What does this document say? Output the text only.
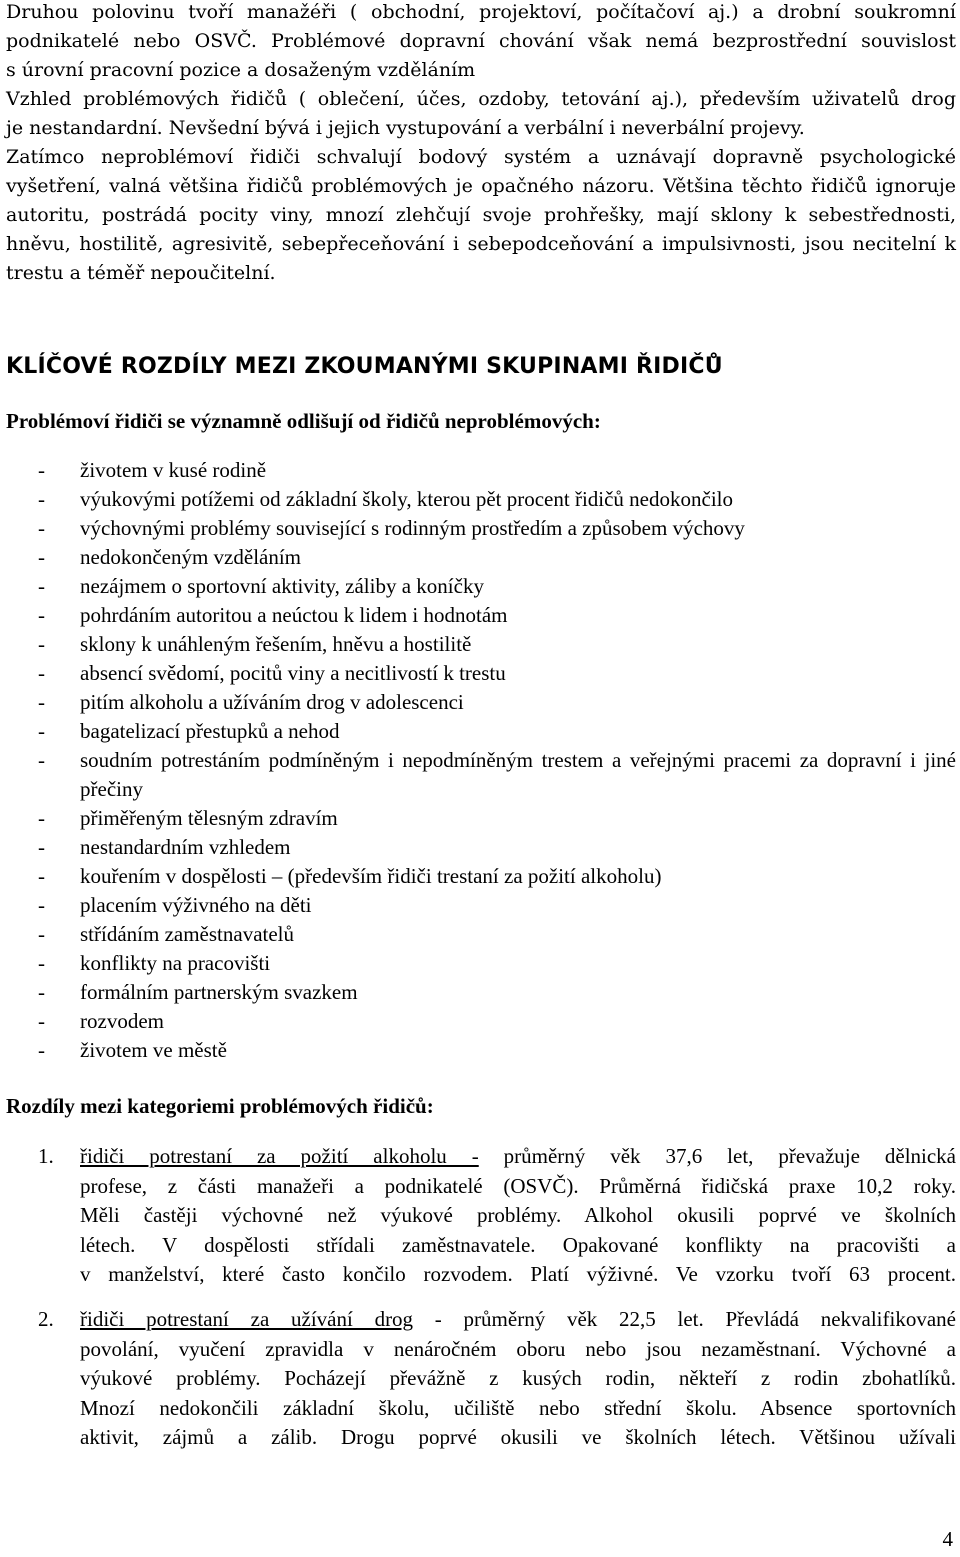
Druhou polovinu tvoří manažéři ( obchodní, projektoví, počítačoví aj.) a drobní soukromní

podnikatelé nebo OSVČ. Problémové dopravní chování však nemá bezprostřední souvislost

s úrovní pracovní pozice a dosaženým vzděláním

Vzhled problémových řidičů ( oblečení, účes, ozdoby, tetování aj.), především uživatelů drog

je nestandardní. Nevšední bývá i jejich vystupování a verbální i neverbální projevy.

Zatímco neproblémoví řidiči schvalují bodový systém a uznávají dopravně psychologické vyšetření, valná většina řidičů problémových je opačného názoru. Většina těchto řidičů ignoruje autoritu, postrádá pocity viny, mnozí zlehčují svoje prohřešky, mají sklony k sebestřednosti, hněvu, hostilitě, agresivitě, sebepřeceňování i sebepodceňování a impulsivnosti, jsou necitelní k trestu a téměř nepoučitelní.

KLÍČOVÉ ROZDÍLY MEZI ZKOUMANÝMI SKUPINAMI ŘIDIČŮ

Problémoví řidiči se významně odlišují od řidičů neproblémových:

- životem v kusé rodině
- výukovými potížemi od základní školy, kterou pět procent řidičů nedokončilo
- výchovnými problémy související s rodinným prostředím a způsobem výchovy
- nedokončeným vzděláním
- nezájmem o sportovní aktivity, záliby a koníčky
- pohrdáním autoritou a neúctou k lidem i hodnotám
- sklony k unáhleným řešením, hněvu a hostilitě
- absencí svědomí, pocitů viny a necitlivostí k trestu
- pitím alkoholu a užíváním drog v adolescenci
- bagatelizací přestupků a nehod
- soudním potrestáním podmíněným i nepodmíněným trestem a veřejnými pracemi za dopravní i jiné přečiny
- přiměřeným tělesným zdravím
- nestandardním vzhledem
- kouřením v dospělosti – (především řidiči trestaní za požití alkoholu)
- placením výživného na děti
- střídáním zaměstnavatelů
- konflikty na pracovišti
- formálním partnerským svazkem
- rozvodem
- životem ve městě

Rozdíly mezi kategoriemi problémových řidičů:

1. řidiči potrestaní za požití alkoholu - průměrný věk 37,6 let, převažuje dělnická
profese, z části manažeři a podnikatelé (OSVČ). Průměrná řidičská praxe 10,2 roky.
Měli častěji výchovné než výukové problémy. Alkohol okusili poprvé ve školních
létech. V dospělosti střídali zaměstnavatele. Opakované konflikty na pracovišti a
v manželství, které často končilo rozvodem. Platí výživné. Ve vzorku tvoří 63 procent.
2. řidiči potrestaní za užívání drog - průměrný věk 22,5 let. Převládá nekvalifikované
povolání, vyučení zpravidla v nenáročném oboru nebo jsou nezaměstnaní. Výchovné a
výukové problémy. Pocházejí převážně z kusých rodin, někteří z rodin zbohatlíků.
Mnozí nedokončili základní školu, učiliště nebo střední školu. Absence sportovních
aktivit, zájmů a zálib. Drogu poprvé okusili ve školních létech. Většinou užívali

4
